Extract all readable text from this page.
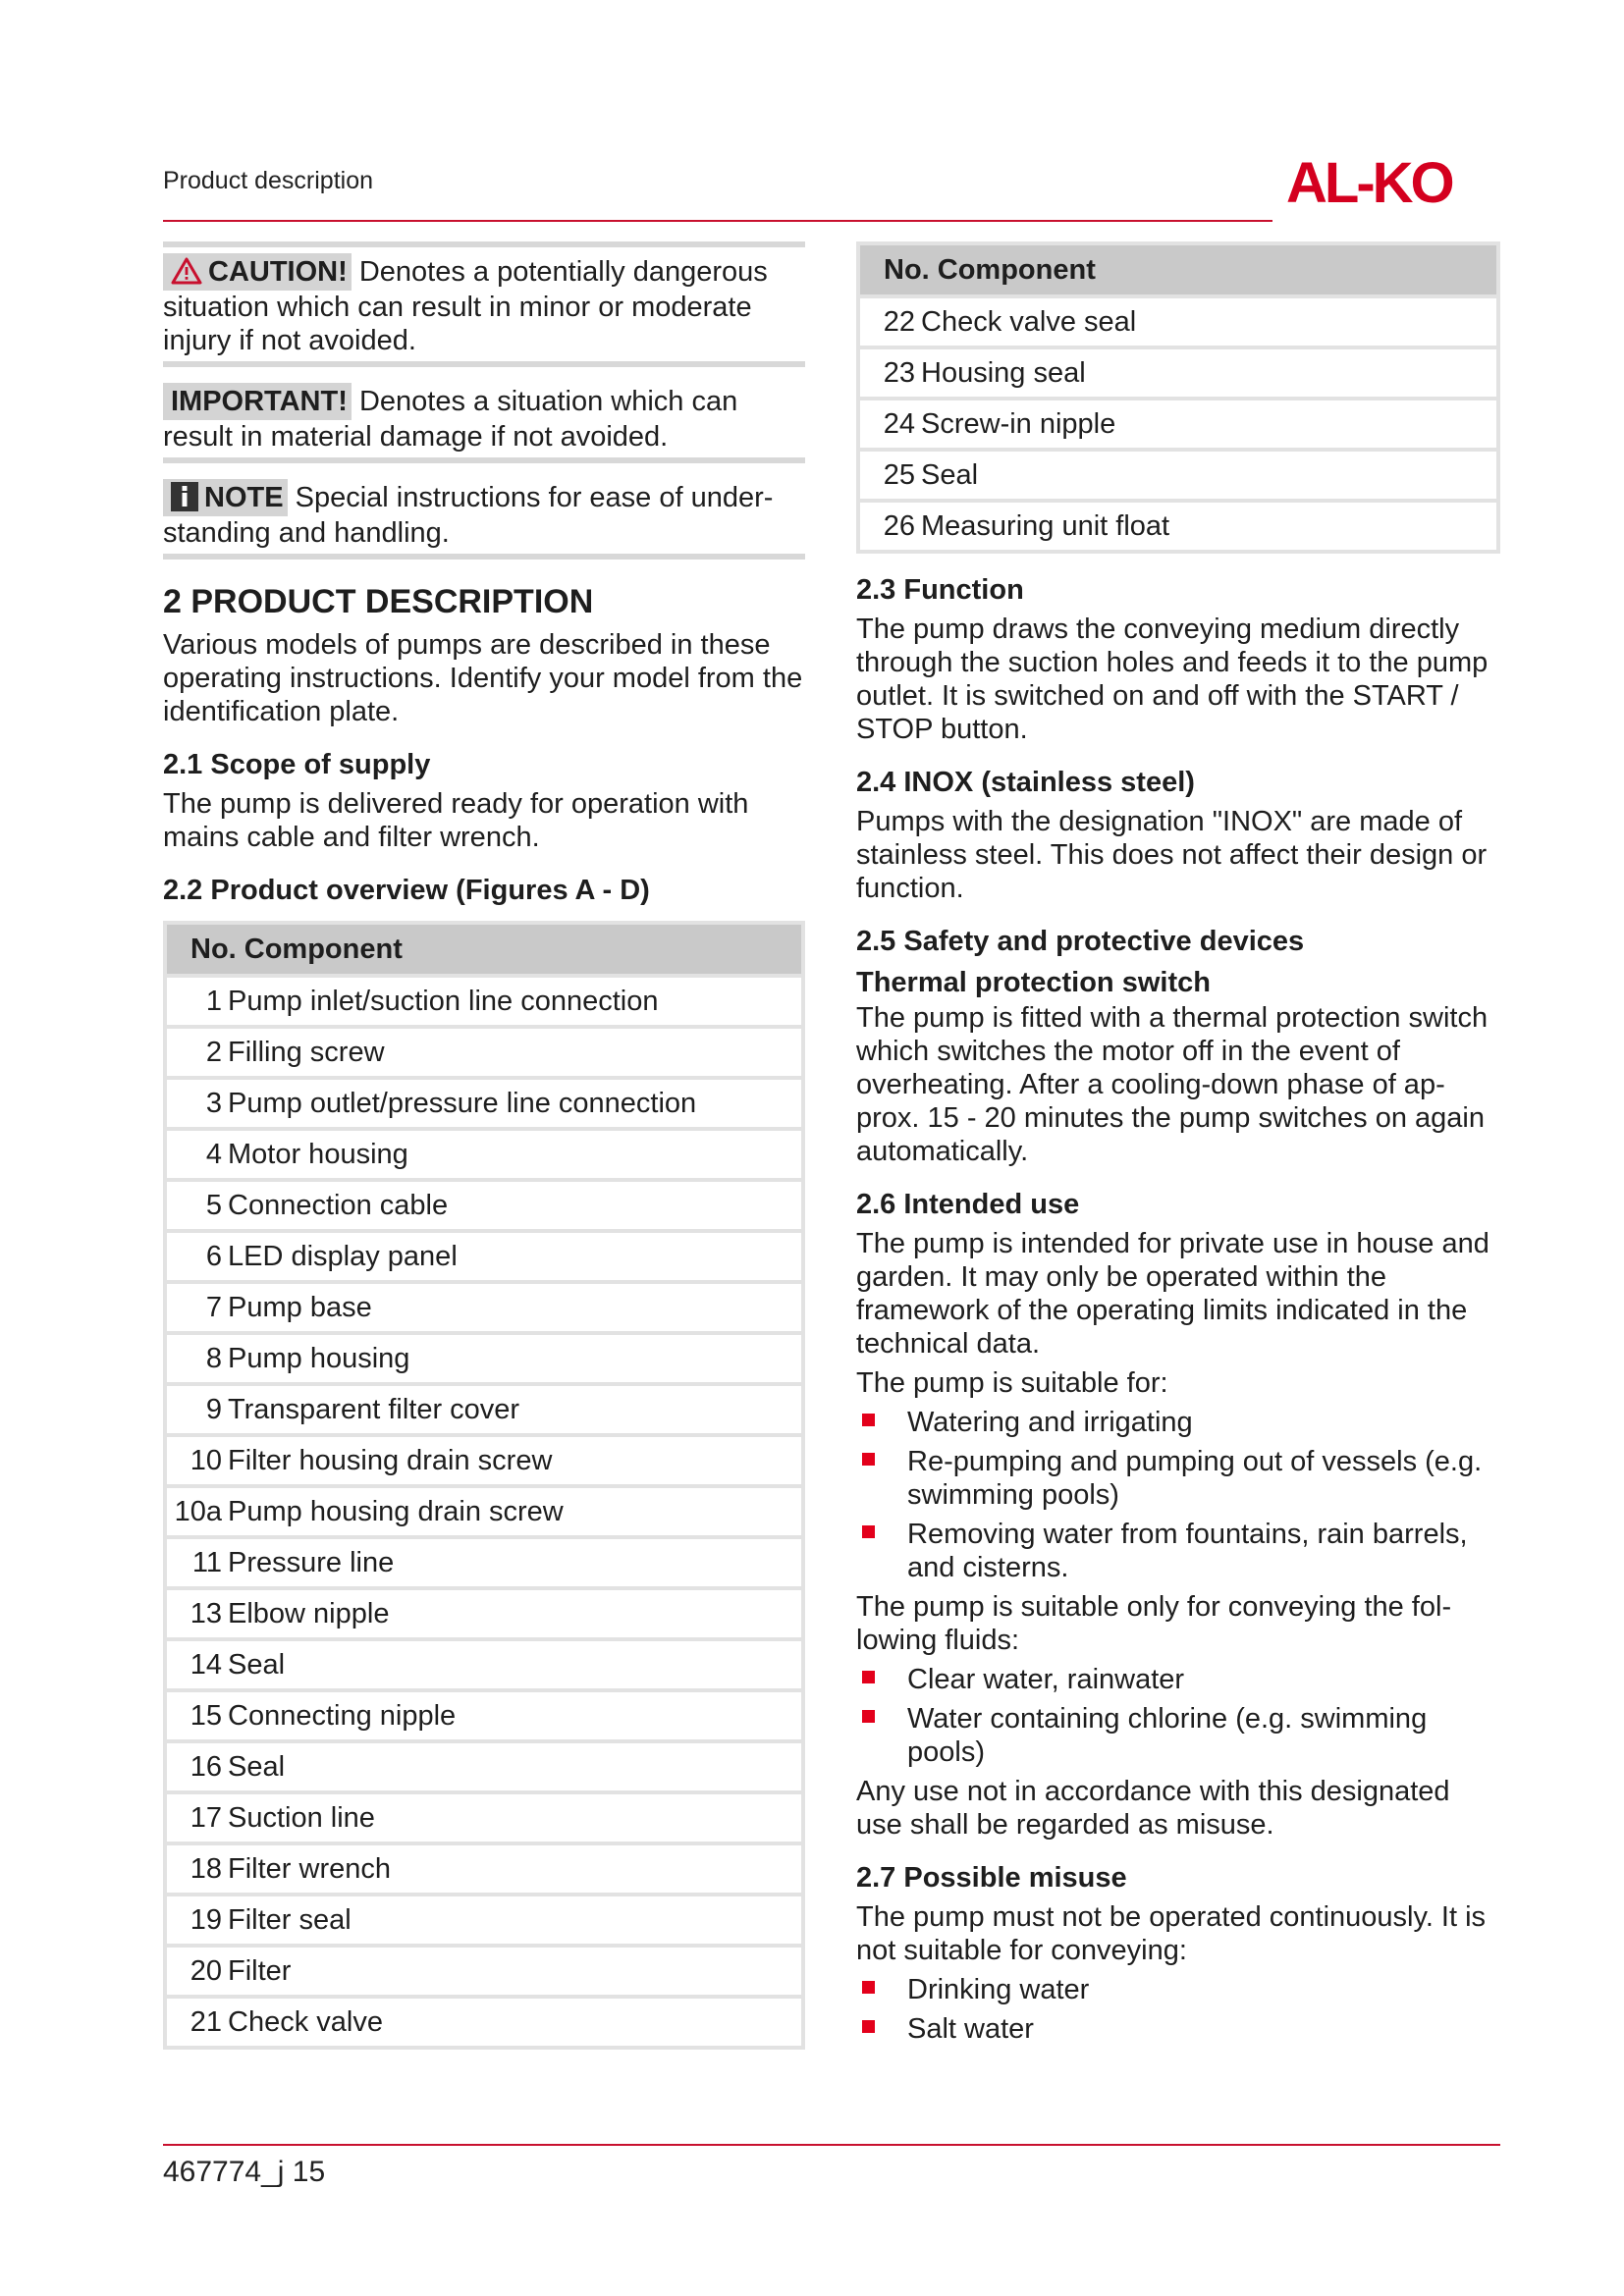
Product description	AL-KO
CAUTION! Denotes a potentially dangerous situation which can result in minor or moderate injury if not avoided.
IMPORTANT! Denotes a situation which can result in material damage if not avoided.
NOTE Special instructions for ease of under-standing and handling.
2 PRODUCT DESCRIPTION

Various models of pumps are described in these operating instructions. Identify your model from the identification plate.

2.1 Scope of supply

The pump is delivered ready for operation with mains cable and filter wrench.

2.2 Product overview (Figures A - D)
No. Component
1 Pump inlet/suction line connection
2 Filling screw
3 Pump outlet/pressure line connection
4 Motor housing
5 Connection cable
6 LED display panel
7 Pump base
8 Pump housing
9 Transparent filter cover
10 Filter housing drain screw
10a Pump housing drain screw
11 Pressure line
13 Elbow nipple
14 Seal
15 Connecting nipple
16 Seal
17 Suction line
18 Filter wrench
19 Filter seal
20 Filter
21 Check valve
No. Component
22 Check valve seal
23 Housing seal
24 Screw-in nipple
25 Seal
26 Measuring unit float
2.3 Function

The pump draws the conveying medium directly through the suction holes and feeds it to the pump outlet. It is switched on and off with the START / STOP button.

2.4 INOX (stainless steel)

Pumps with the designation "INOX" are made of stainless steel. This does not affect their design or function.

2.5 Safety and protective devices
Thermal protection switch

The pump is fitted with a thermal protection switch which switches the motor off in the event of overheating. After a cooling-down phase of ap-prox. 15 - 20 minutes the pump switches on again automatically.

2.6 Intended use

The pump is intended for private use in house and garden. It may only be operated within the framework of the operating limits indicated in the technical data.

The pump is suitable for:

Watering and irrigating
Re-pumping and pumping out of vessels (e.g. swimming pools)
Removing water from fountains, rain barrels, and cisterns.

The pump is suitable only for conveying the fol-lowing fluids:

Clear water, rainwater
Water containing chlorine (e.g. swimming pools)

Any use not in accordance with this designated use shall be regarded as misuse.

2.7 Possible misuse

The pump must not be operated continuously. It is not suitable for conveying:

Drinking water
Salt water
467774_j 15
